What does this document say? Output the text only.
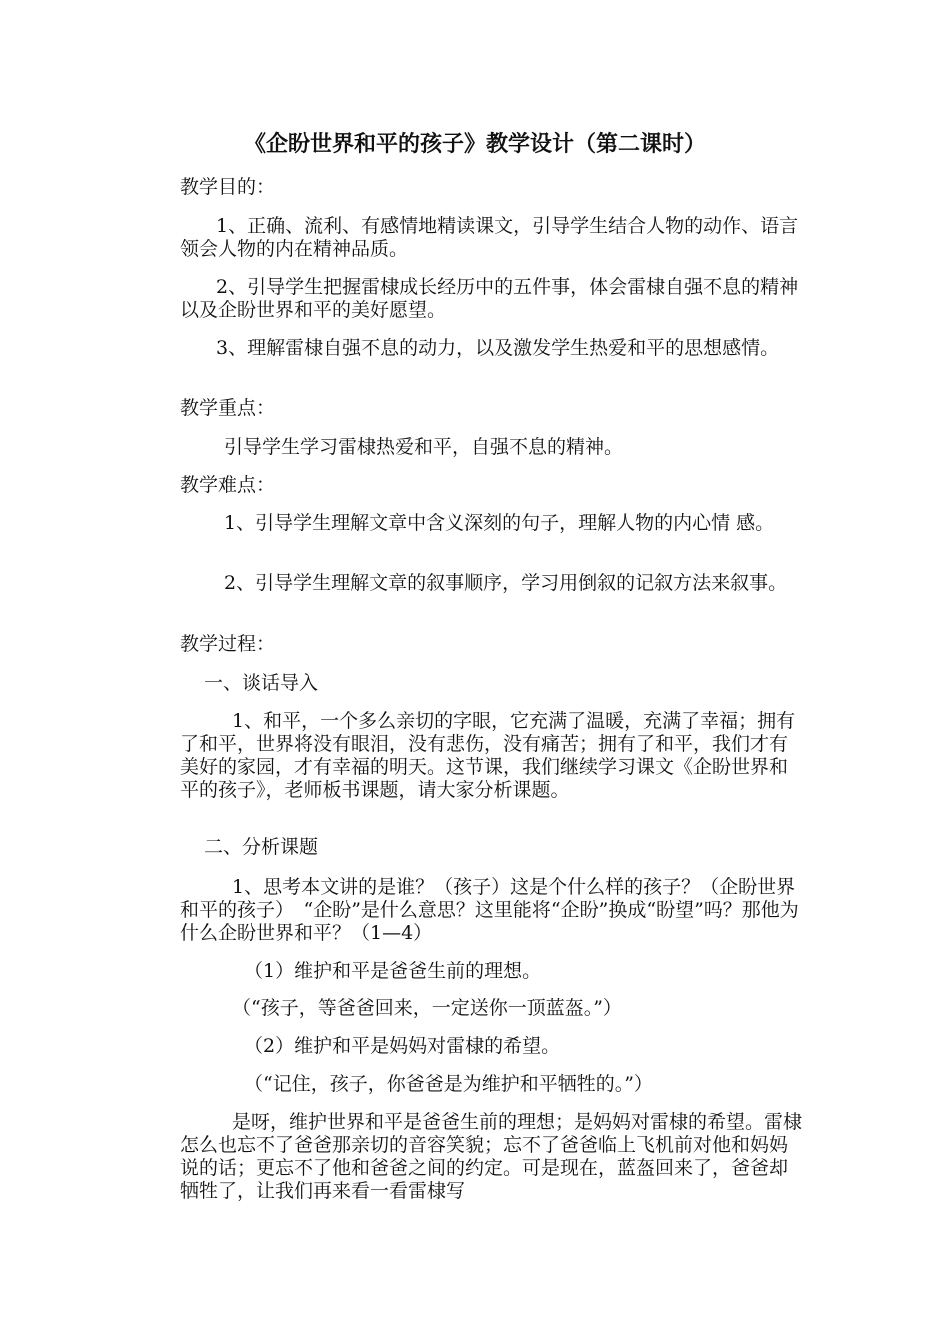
《企盼世界和平的孩子》教学设计（第二课时）

教学目的：

1、正确、流利、有感情地精读课文，引导学生结合人物的动作、语言领会人物的内在精神品质。

2、引导学生把握雷棣成长经历中的五件事，体会雷棣自强不息的精神以及企盼世界和平的美好愿望。

3、理解雷棣自强不息的动力，以及激发学生热爱和平的思想感情。

教学重点：

引导学生学习雷棣热爱和平，自强不息的精神。

教学难点：

1、引导学生理解文章中含义深刻的句子，理解人物的内心情 感。

2、引导学生理解文章的叙事顺序，学习用倒叙的记叙方法来叙事。

教学过程：

一、谈话导入

1、和平，一个多么亲切的字眼，它充满了温暖，充满了幸福；拥有了和平，世界将没有眼泪，没有悲伤，没有痛苦；拥有了和平，我们才有美好的家园，才有幸福的明天。这节课，我们继续学习课文《企盼世界和平的孩子》，老师板书课题，请大家分析课题。

二、分析课题

1、思考本文讲的是谁？（孩子）这是个什么样的孩子？（企盼世界和平的孩子）　“企盼”是什么意思？这里能将“企盼”换成“盼望”吗？那他为什么企盼世界和平？（1—4）

（1）维护和平是爸爸生前的理想。

（“孩子，等爸爸回来，一定送你一顶蓝盔。”）

（2）维护和平是妈妈对雷棣的希望。

（“记住，孩子，你爸爸是为维护和平牺牲的。”）

是呀，维护世界和平是爸爸生前的理想；是妈妈对雷棣的希望。雷棣怎么也忘不了爸爸那亲切的音容笑貌；忘不了爸爸临上飞机前对他和妈妈说的话；更忘不了他和爸爸之间的约定。可是现在，蓝盔回来了，爸爸却牺牲了，让我们再来看一看雷棣写
